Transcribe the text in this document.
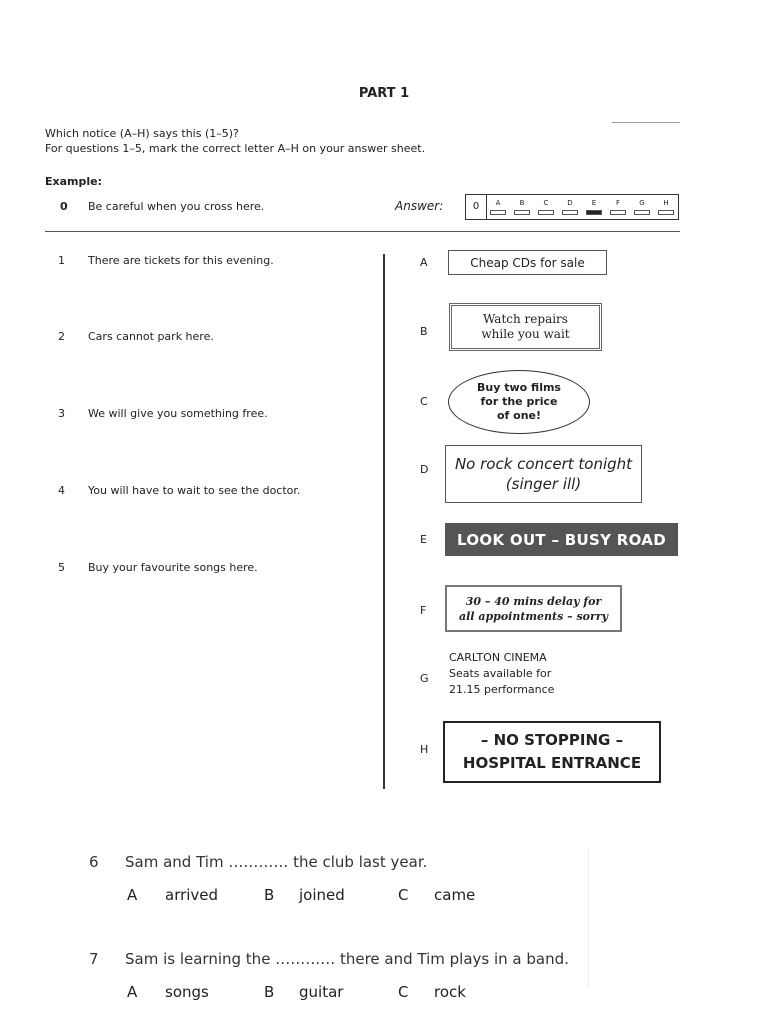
PART 1
Which notice (A–H) says this (1–5)?
For questions 1–5, mark the correct letter A–H on your answer sheet.
Example:
0 Be careful when you cross here.	Answer:	0	A	B	C	D	E	F	G	H
1 There are tickets for this evening.
2 Cars cannot park here.
3 We will give you something free.
4 You will have to wait to see the doctor.
5 Buy your favourite songs here.
A	Cheap CDs for sale
B
Watch repairs
while you wait
C
Buy two films
for the price
of one!
D No rock concert tonight
(singer ill)
E LOOK OUT – BUSY ROAD
F
30 – 40 mins delay for
all appointments – sorry
G
CARLTON CINEMA
Seats available for
21.15 performance
H
– NO STOPPING –
HOSPITAL ENTRANCE
6 Sam and Tim ………… the club last year.
A arrived	B joined	C came
7 Sam is learning the ………… there and Tim plays in a band.
A songs	B guitar	C rock
